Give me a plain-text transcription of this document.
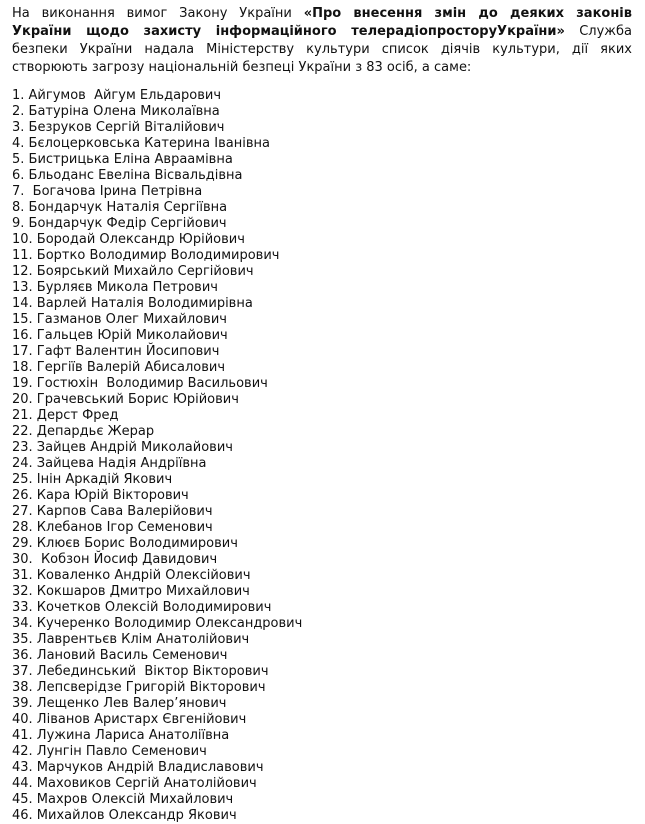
На виконання вимог Закону України «Про внесення змін до деяких законів
України щодо захисту інформаційного телерадіопросторуУкраїни» Служба
безпеки України надала Міністерству культури список діячів культури, дії яких
створюють загрозу національній безпеці України з 83 осіб, а саме:

1. Айгумов  Айгум Ельдарович
2. Батуріна Олена Миколаївна
3. Безруков Сергій Віталійович
4. Бєлоцерковська Катерина Іванівна
5. Бистрицька Еліна Авраамівна
6. Бльоданс Евеліна Вісвальдівна
7.  Богачова Ірина Петрівна
8. Бондарчук Наталія Сергіївна
9. Бондарчук Федір Сергійович
10. Бородай Олександр Юрійович
11. Бортко Володимир Володимирович
12. Боярський Михайло Сергійович
13. Бурляєв Микола Петрович
14. Варлей Наталія Володимирівна
15. Газманов Олег Михайлович
16. Гальцев Юрій Миколайович
17. Гафт Валентин Йосипович
18. Гергіїв Валерій Абисалович
19. Гостюхін  Володимир Васильович
20. Грачевський Борис Юрійович
21. Дерст Фред
22. Депардьє Жерар
23. Зайцев Андрій Миколайович
24. Зайцева Надія Андріївна
25. Інін Аркадій Якович
26. Кара Юрій Вікторович
27. Карпов Сава Валерійович
28. Клебанов Ігор Семенович
29. Клюєв Борис Володимирович
30.  Кобзон Йосиф Давидович
31. Коваленко Андрій Олексійович
32. Кокшаров Дмитро Михайлович
33. Кочетков Олексій Володимирович
34. Кучеренко Володимир Олександрович
35. Лаврентьєв Клім Анатолійович
36. Лановий Василь Семенович
37. Лебединський  Віктор Вікторович
38. Лепсверідзе Григорій Вікторович
39. Лещенко Лев Валер’янович
40. Ліванов Аристарх Євгенійович
41. Лужина Лариса Анатоліївна
42. Лунгін Павло Семенович
43. Марчуков Андрій Владиславович
44. Маховиков Сергій Анатолійович
45. Махров Олексій Михайлович
46. Михайлов Олександр Якович
